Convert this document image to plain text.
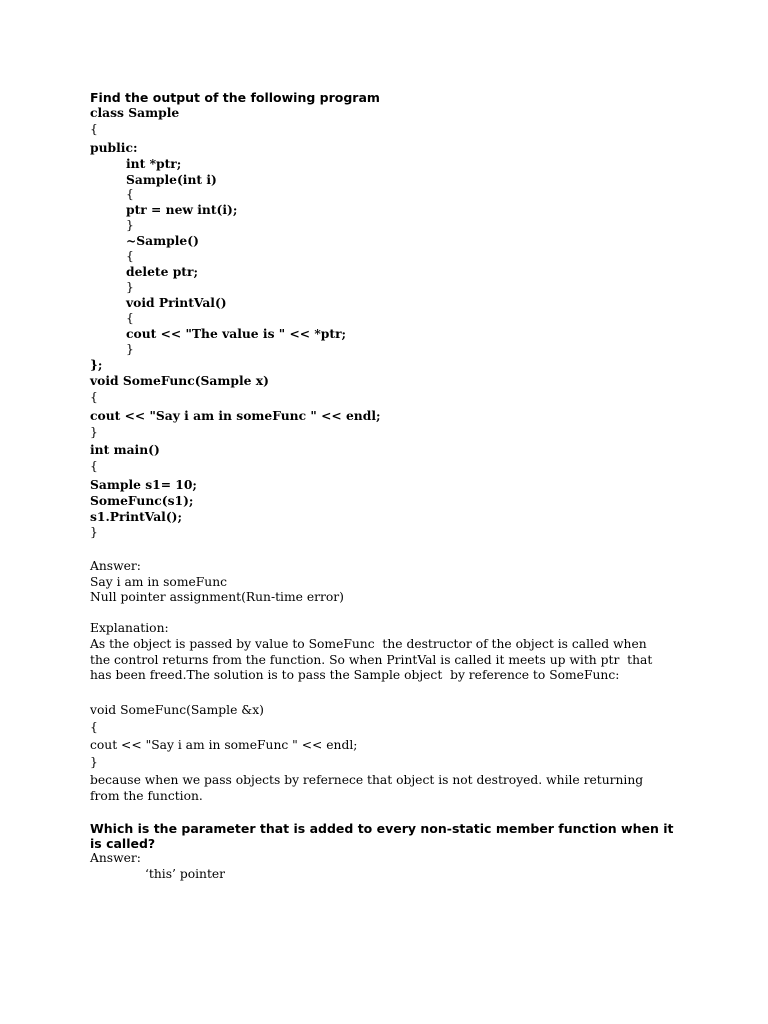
Find the output of the following program
class Sample
{
public:
int *ptr;
Sample(int i)
{
ptr = new int(i);
}
~Sample()
{
delete ptr;
}
void PrintVal()
{
cout << "The value is " << *ptr;
}
};
void SomeFunc(Sample x)
{
cout << "Say i am in someFunc " << endl;
}
int main()
{
Sample s1= 10;
SomeFunc(s1);
s1.PrintVal();
}
Answer:
Say i am in someFunc
Null pointer assignment(Run-time error)
Explanation:
As the object is passed by value to SomeFunc  the destructor of the object is called when
the control returns from the function. So when PrintVal is called it meets up with ptr  that
has been freed.The solution is to pass the Sample object  by reference to SomeFunc:
void SomeFunc(Sample &x)
{
cout << "Say i am in someFunc " << endl;
}
because when we pass objects by refernece that object is not destroyed. while returning
from the function.
Which is the parameter that is added to every non-static member function when it
is called?
Answer:
‘this’ pointer
